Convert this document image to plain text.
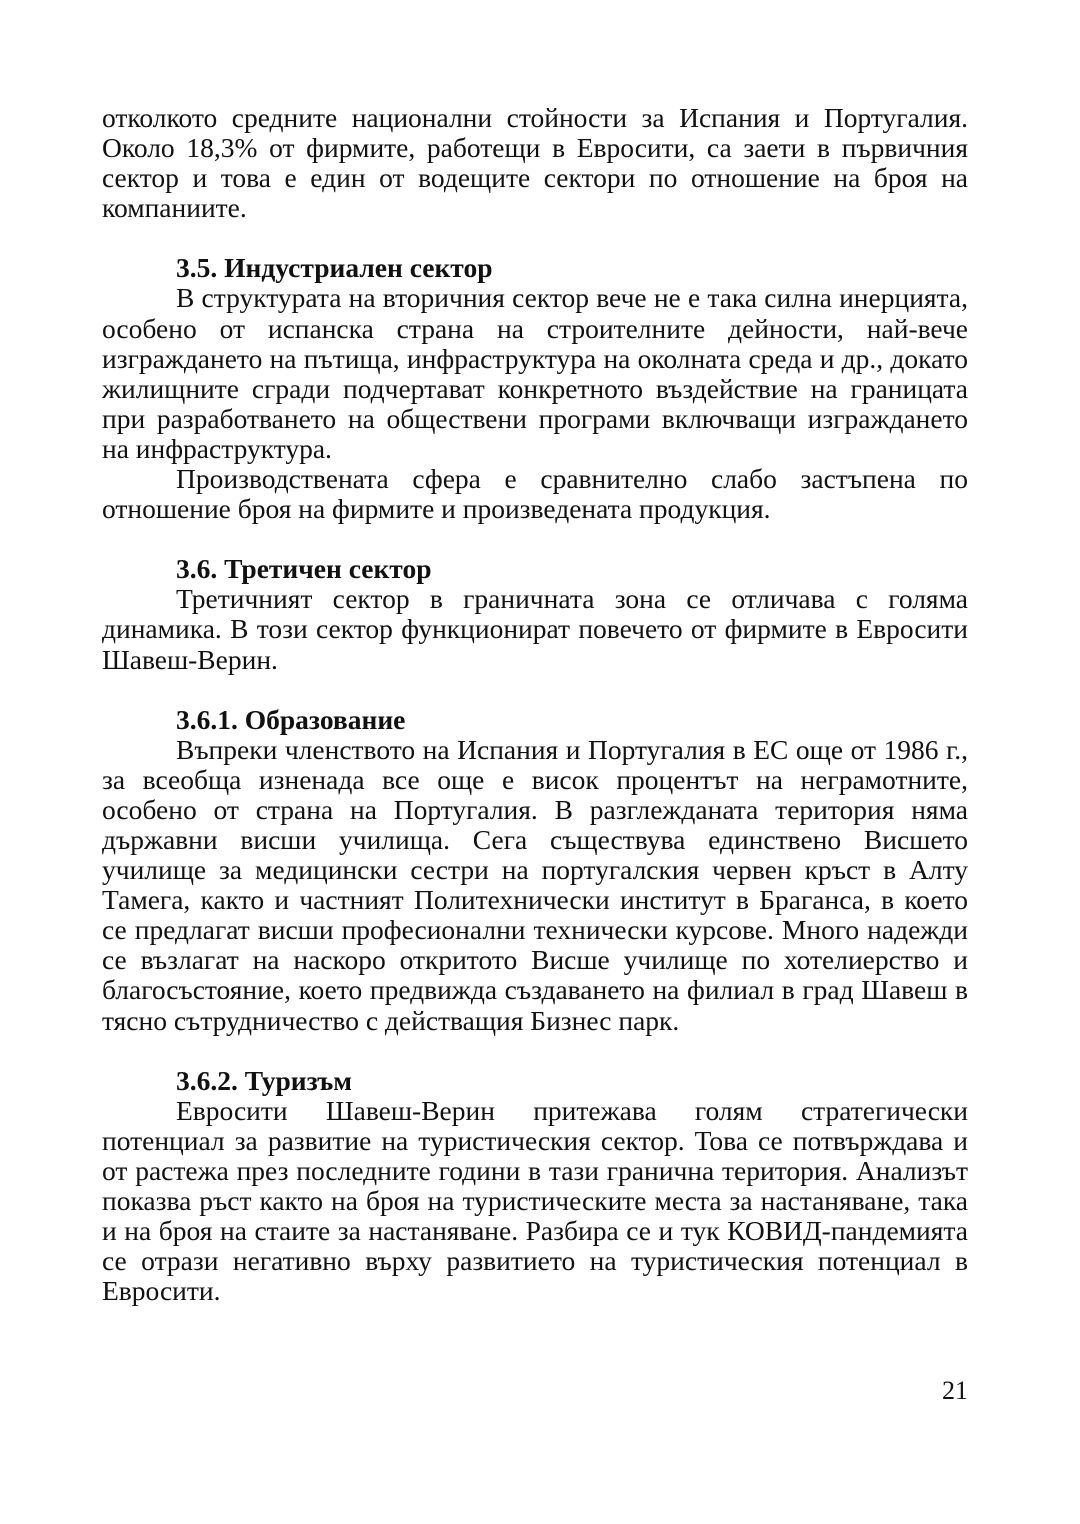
отколкото средните национални стойности за Испания и Португалия. Около 18,3% от фирмите, работещи в Евросити, са заети в първичния сектор и това е един от водещите сектори по отношение на броя на компаниите.

3.5. Индустриален сектор

В структурата на вторичния сектор вече не е така силна инерцията, особено от испанска страна на строителните дейности, най-вече изграждането на пътища, инфраструктура на околната среда и др., докато жилищните сгради подчертават конкретното въздействие на границата при разработването на обществени програми включващи изграждането на инфраструктура.

Производствената сфера е сравнително слабо застъпена по отношение броя на фирмите и произведената продукция.

3.6. Третичен сектор

Третичният сектор в граничната зона се отличава с голяма динамика. В този сектор функционират повечето от фирмите в Евросити Шавеш-Верин.

3.6.1. Образование

Въпреки членството на Испания и Португалия в ЕС още от 1986 г., за всеобща изненада все още е висок процентът на неграмотните, особено от страна на Португалия. В разглежданата територия няма държавни висши училища. Сега съществува единствено Висшето училище за медицински сестри на португалския червен кръст в Алту Тамега, както и частният Политехнически институт в Браганса, в което се предлагат висши професионални технически курсове. Много надежди се възлагат на наскоро откритото Висше училище по хотелиерство и благосъстояние, което предвижда създаването на филиал в град Шавеш в тясно сътрудничество с действащия Бизнес парк.

3.6.2. Туризъм

Евросити Шавеш-Верин притежава голям стратегически потенциал за развитие на туристическия сектор. Това се потвърждава и от растежа през последните години в тази гранична територия. Анализът показва ръст както на броя на туристическите места за настаняване, така и на броя на стаите за настаняване. Разбира се и тук КОВИД-пандемията се отрази негативно върху развитието на туристическия потенциал в Евросити.

21
